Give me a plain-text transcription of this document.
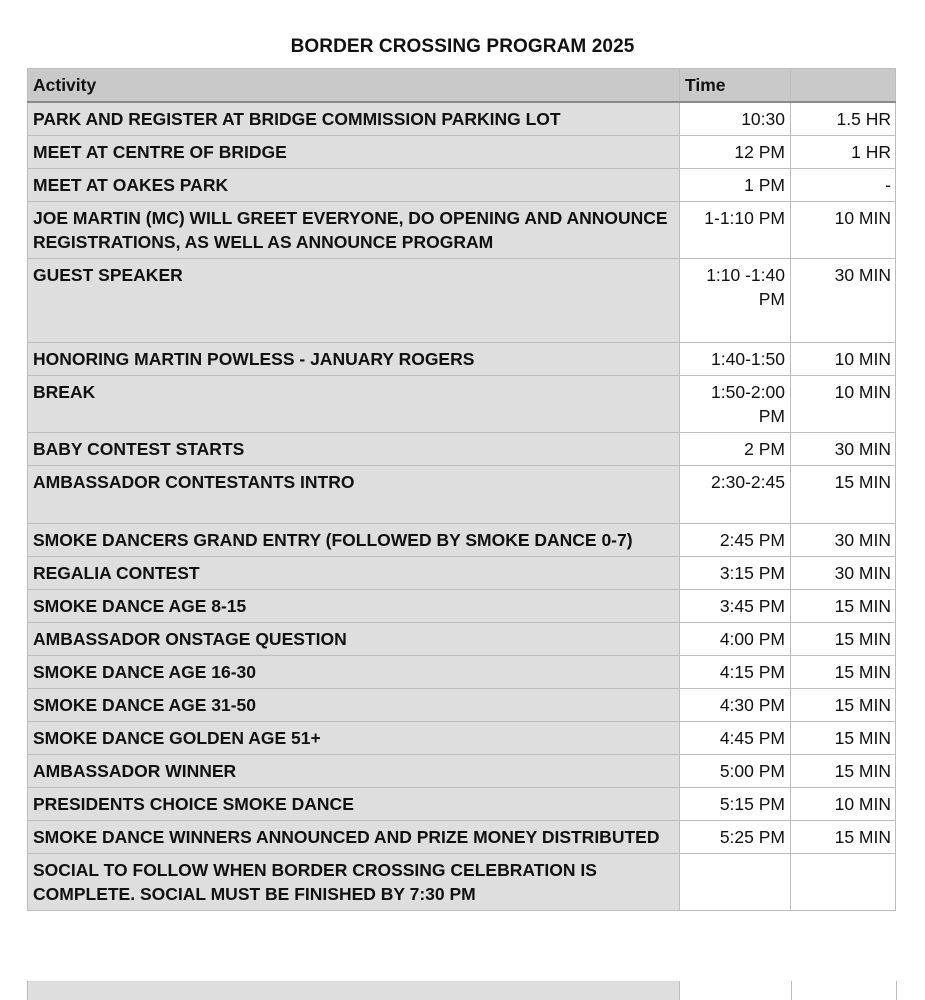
BORDER CROSSING PROGRAM 2025
Activity	Time	
PARK AND REGISTER AT BRIDGE COMMISSION PARKING LOT	10:30	1.5 HR
MEET AT CENTRE OF BRIDGE	12 PM	1 HR
MEET AT OAKES PARK	1 PM	-
JOE MARTIN (MC) WILL GREET EVERYONE, DO OPENING AND ANNOUNCE REGISTRATIONS, AS WELL AS ANNOUNCE PROGRAM	1-1:10 PM	10 MIN
GUEST SPEAKER	1:10 -1:40 PM	30 MIN
HONORING MARTIN POWLESS - JANUARY ROGERS	1:40-1:50	10 MIN
BREAK	1:50-2:00 PM	10 MIN
BABY CONTEST STARTS	2 PM	30 MIN
AMBASSADOR CONTESTANTS INTRO	2:30-2:45	15 MIN
SMOKE DANCERS GRAND ENTRY (FOLLOWED BY SMOKE DANCE 0-7)	2:45 PM	30 MIN
REGALIA CONTEST	3:15 PM	30 MIN
SMOKE DANCE AGE 8-15	3:45 PM	15 MIN
AMBASSADOR ONSTAGE QUESTION	4:00 PM	15 MIN
SMOKE DANCE AGE 16-30	4:15 PM	15 MIN
SMOKE DANCE AGE 31-50	4:30 PM	15 MIN
SMOKE DANCE GOLDEN AGE 51+	4:45 PM	15 MIN
AMBASSADOR WINNER	5:00 PM	15 MIN
PRESIDENTS CHOICE SMOKE DANCE	5:15 PM	10 MIN
SMOKE DANCE WINNERS ANNOUNCED AND PRIZE MONEY DISTRIBUTED	5:25 PM	15 MIN
SOCIAL TO FOLLOW WHEN BORDER CROSSING CELEBRATION IS COMPLETE. SOCIAL MUST BE FINISHED BY 7:30 PM		
